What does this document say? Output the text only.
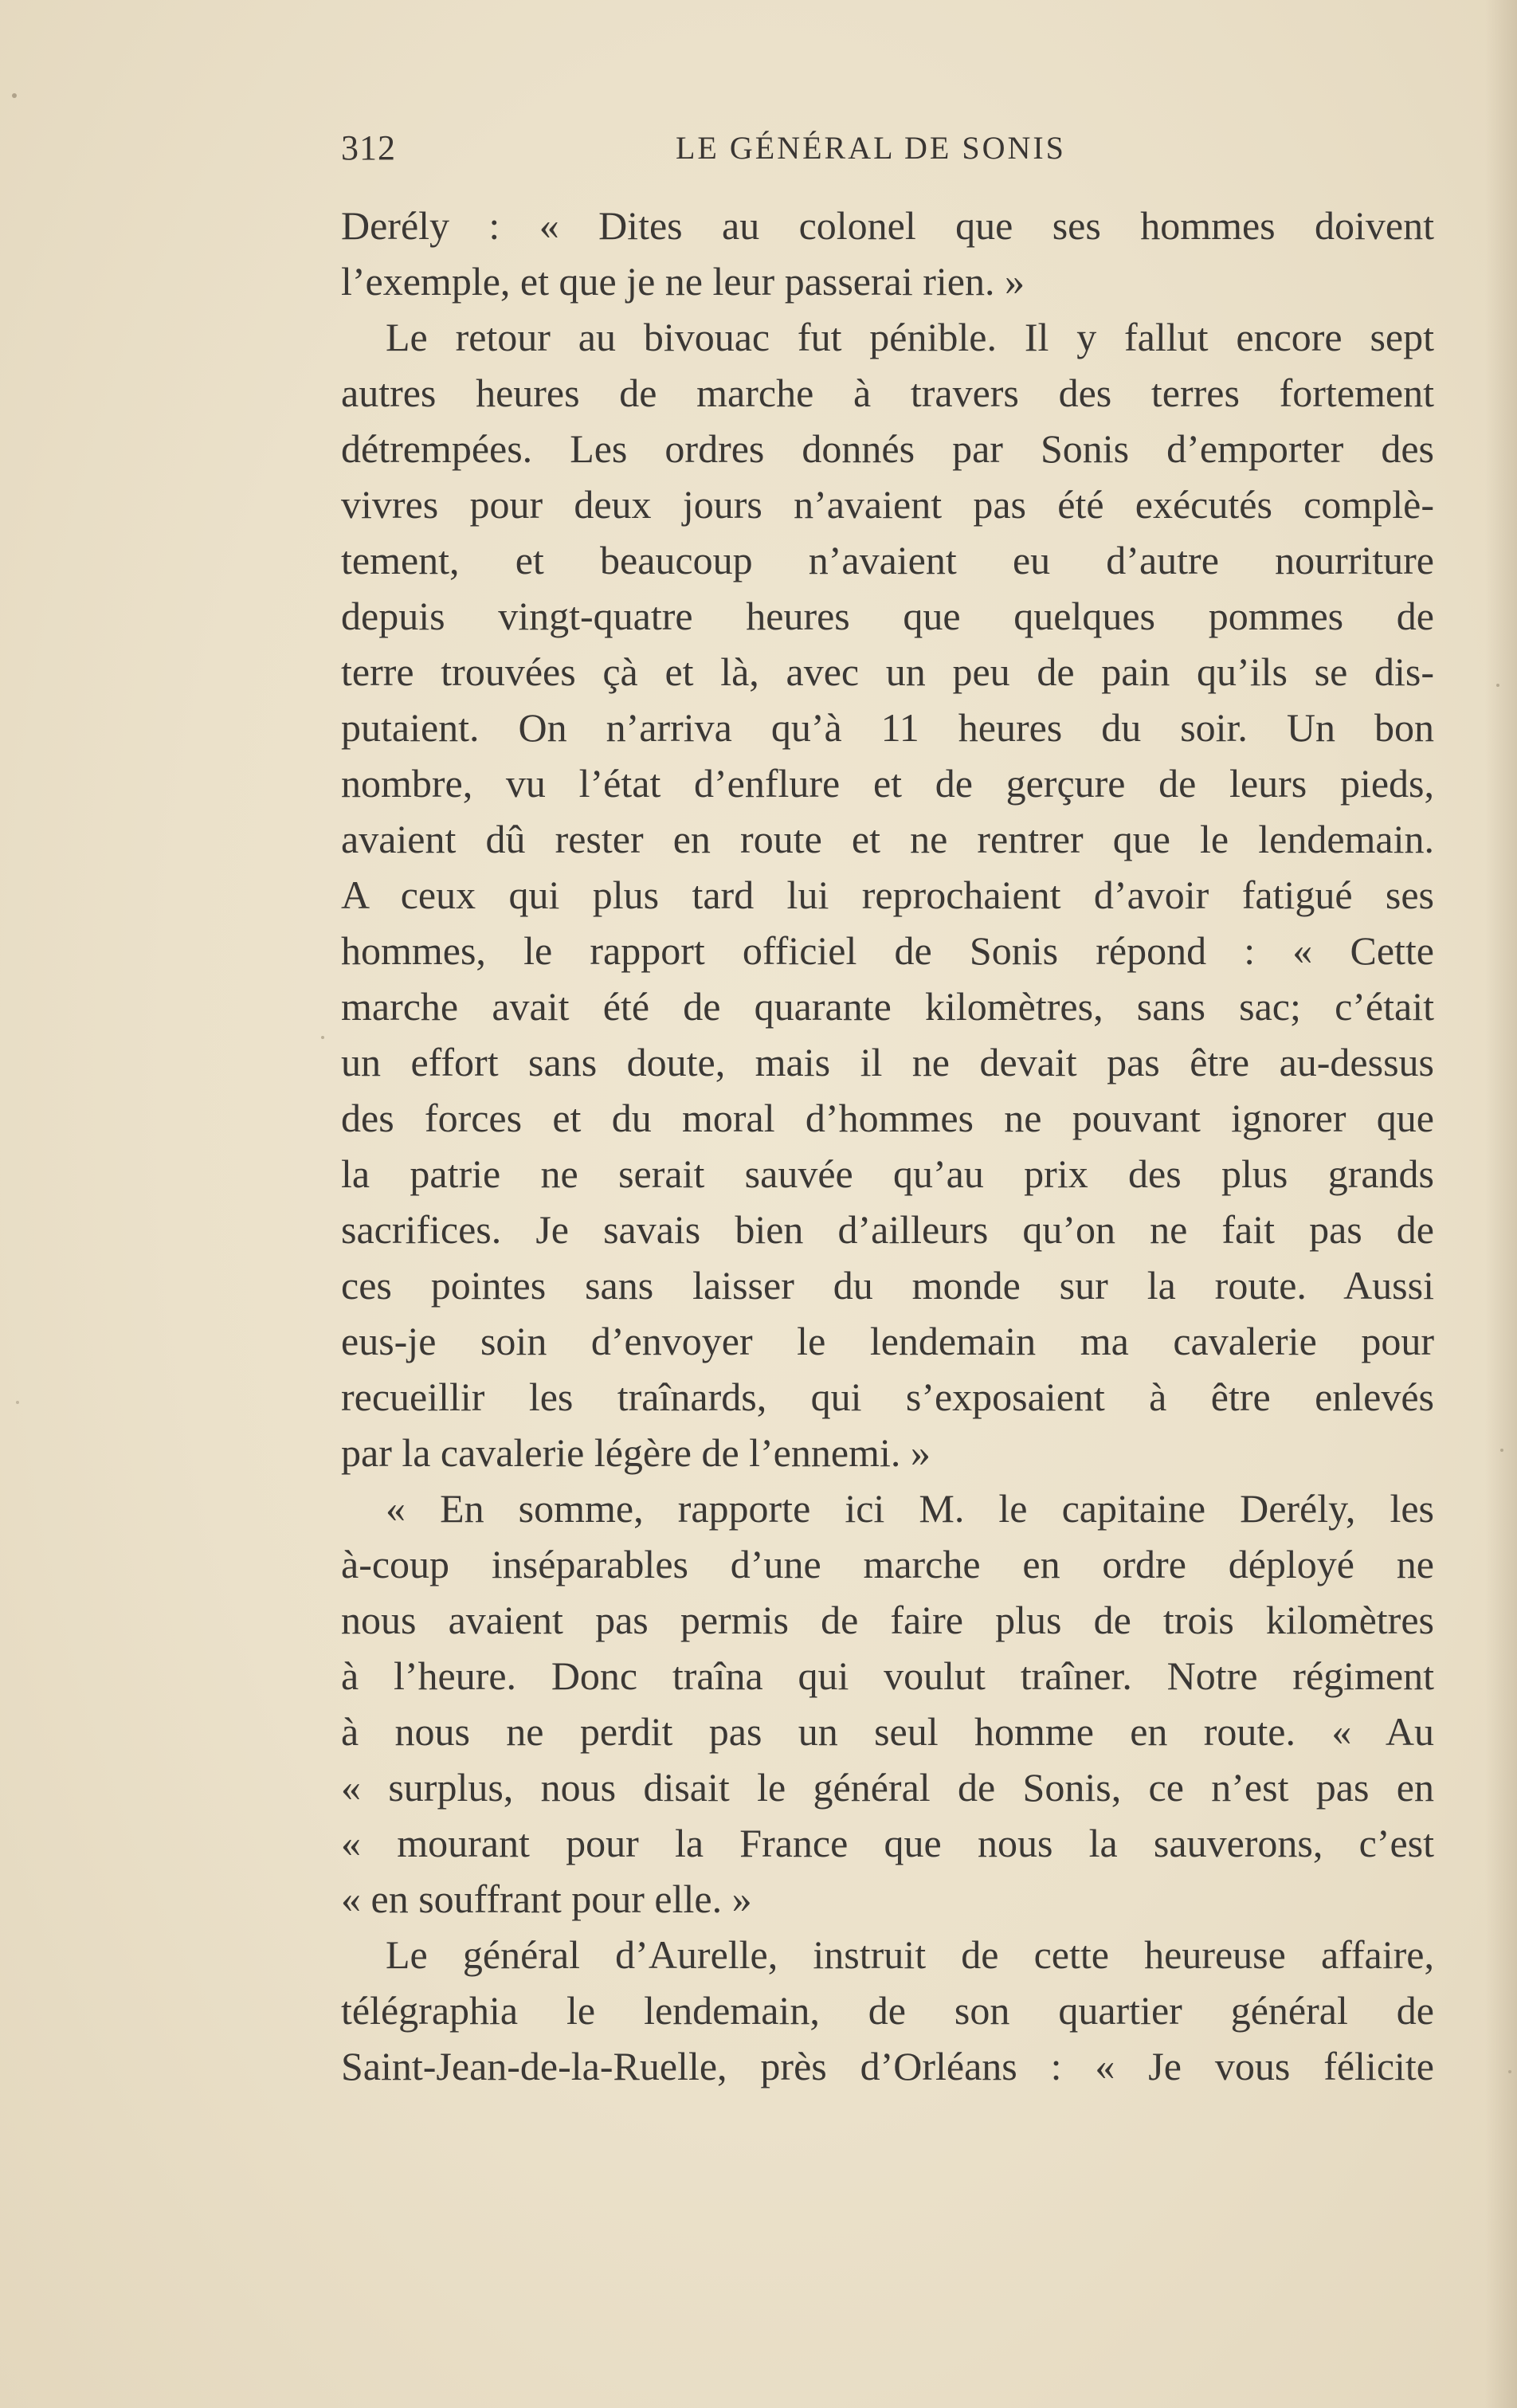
312	LE GÉNÉRAL DE SONIS
Derély : « Dites au colonel que ses hommes doivent
l’exemple, et que je ne leur passerai rien. »
Le retour au bivouac fut pénible. Il y fallut encore sept
autres heures de marche à travers des terres fortement
détrempées. Les ordres donnés par Sonis d’emporter des
vivres pour deux jours n’avaient pas été exécutés complè-
tement, et beaucoup n’avaient eu d’autre nourriture
depuis vingt-quatre heures que quelques pommes de
terre trouvées çà et là, avec un peu de pain qu’ils se dis-
putaient. On n’arriva qu’à 11 heures du soir. Un bon
nombre, vu l’état d’enflure et de gerçure de leurs pieds,
avaient dû rester en route et ne rentrer que le lendemain.
A ceux qui plus tard lui reprochaient d’avoir fatigué ses
hommes, le rapport officiel de Sonis répond : « Cette
marche avait été de quarante kilomètres, sans sac; c’était
un effort sans doute, mais il ne devait pas être au-dessus
des forces et du moral d’hommes ne pouvant ignorer que
la patrie ne serait sauvée qu’au prix des plus grands
sacrifices. Je savais bien d’ailleurs qu’on ne fait pas de
ces pointes sans laisser du monde sur la route. Aussi
eus-je soin d’envoyer le lendemain ma cavalerie pour
recueillir les traînards, qui s’exposaient à être enlevés
par la cavalerie légère de l’ennemi. »
« En somme, rapporte ici M. le capitaine Derély, les
à-coup inséparables d’une marche en ordre déployé ne
nous avaient pas permis de faire plus de trois kilomètres
à l’heure. Donc traîna qui voulut traîner. Notre régiment
à nous ne perdit pas un seul homme en route. « Au
« surplus, nous disait le général de Sonis, ce n’est pas en
« mourant pour la France que nous la sauverons, c’est
« en souffrant pour elle. »
Le général d’Aurelle, instruit de cette heureuse affaire,
télégraphia le lendemain, de son quartier général de
Saint-Jean-de-la-Ruelle, près d’Orléans : « Je vous félicite
